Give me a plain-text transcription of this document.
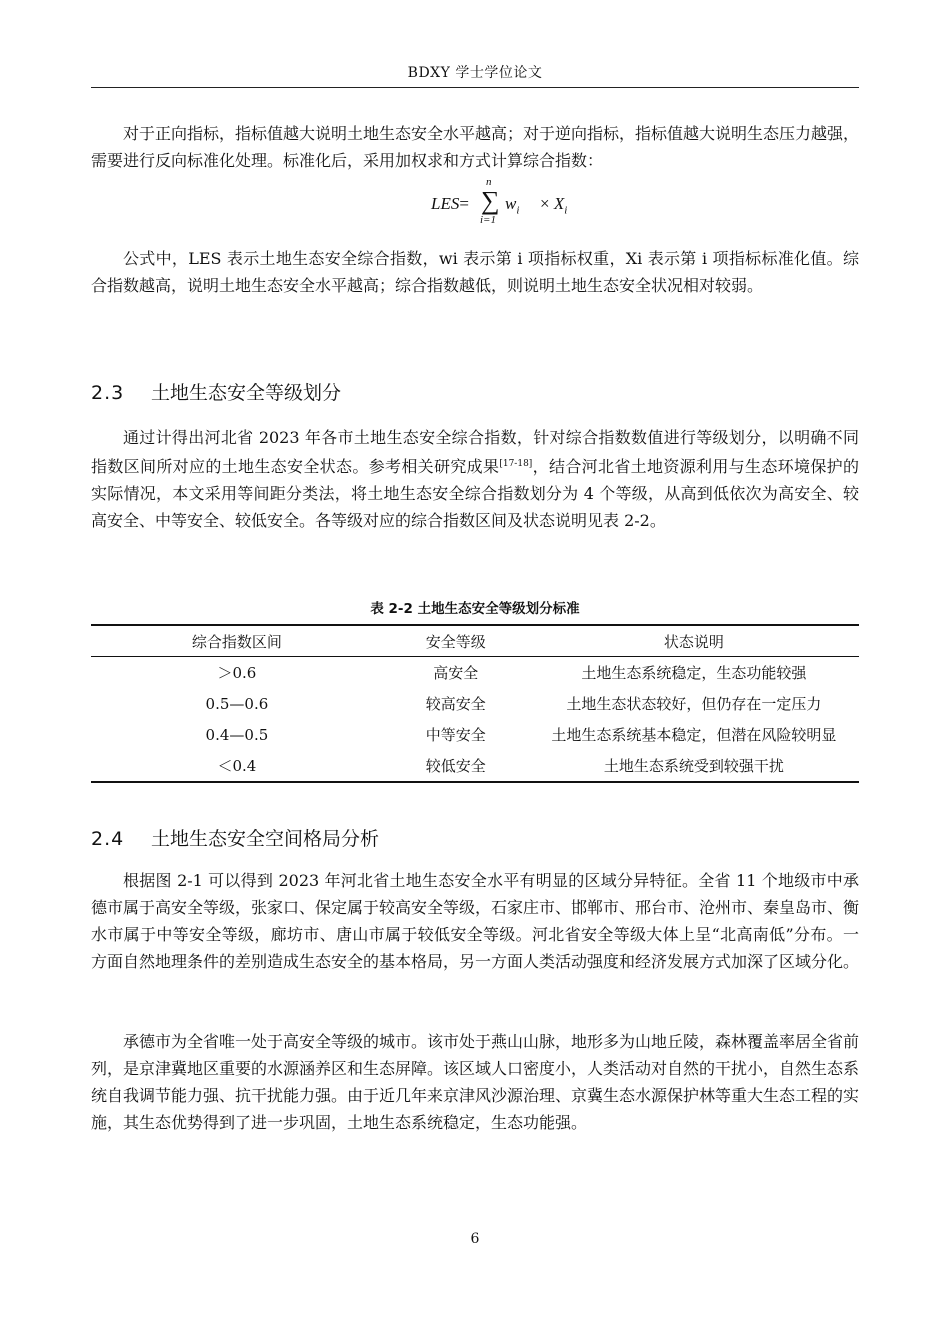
BDXY 学士学位论文

对于正向指标，指标值越大说明土地生态安全水平越高；对于逆向指标，指标值越大说明生态压力越强，需要进行反向标准化处理。标准化后，采用加权求和方式计算综合指数：

LES=
n
∑
i=1
$w_i \times X_i$

公式中，LES 表示土地生态安全综合指数，wi 表示第 i 项指标权重，Xi 表示第 i 项指标标准化值。综合指数越高，说明土地生态安全水平越高；综合指数越低，则说明土地生态安全状况相对较弱。

2.3 土地生态安全等级划分

通过计得出河北省 2023 年各市土地生态安全综合指数，针对综合指数数值进行等级划分，以明确不同指数区间所对应的土地生态安全状态。参考相关研究成果[17-18]，结合河北省土地资源利用与生态环境保护的实际情况，本文采用等间距分类法，将土地生态安全综合指数划分为 4 个等级，从高到低依次为高安全、较高安全、中等安全、较低安全。各等级对应的综合指数区间及状态说明见表 2-2。

表 2-2 土地生态安全等级划分标准
综合指数区间	安全等级	状态说明
＞0.6	高安全	土地生态系统稳定，生态功能较强
0.5—0.6	较高安全	土地生态状态较好，但仍存在一定压力
0.4—0.5	中等安全	土地生态系统基本稳定，但潜在风险较明显
＜0.4	较低安全	土地生态系统受到较强干扰
2.4 土地生态安全空间格局分析

根据图 2-1 可以得到 2023 年河北省土地生态安全水平有明显的区域分异特征。全省 11 个地级市中承德市属于高安全等级，张家口、保定属于较高安全等级，石家庄市、邯郸市、邢台市、沧州市、秦皇岛市、衡水市属于中等安全等级，廊坊市、唐山市属于较低安全等级。河北省安全等级大体上呈“北高南低”分布。一方面自然地理条件的差别造成生态安全的基本格局，另一方面人类活动强度和经济发展方式加深了区域分化。

承德市为全省唯一处于高安全等级的城市。该市处于燕山山脉，地形多为山地丘陵，森林覆盖率居全省前列，是京津冀地区重要的水源涵养区和生态屏障。该区域人口密度小，人类活动对自然的干扰小，自然生态系统自我调节能力强、抗干扰能力强。由于近几年来京津风沙源治理、京冀生态水源保护林等重大生态工程的实施，其生态优势得到了进一步巩固，土地生态系统稳定，生态功能强。

6
